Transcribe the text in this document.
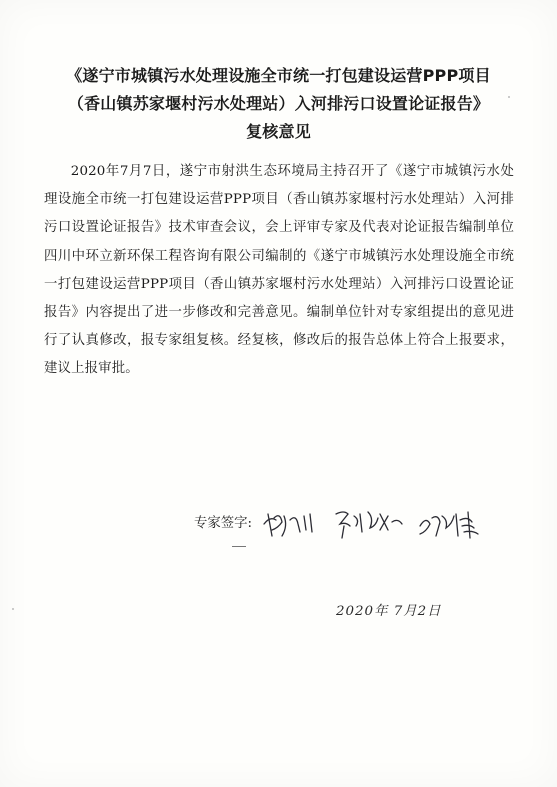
《遂宁市城镇污水处理设施全市统一打包建设运营PPP项目
（香山镇苏家堰村污水处理站）入河排污口设置论证报告》
复核意见

2020年7月7日，遂宁市射洪生态环境局主持召开了《遂宁市城镇污水处理设施全市统一打包建设运营PPP项目（香山镇苏家堰村污水处理站）入河排污口设置论证报告》技术审查会议，会上评审专家及代表对论证报告编制单位四川中环立新环保工程咨询有限公司编制的《遂宁市城镇污水处理设施全市统一打包建设运营PPP项目（香山镇苏家堰村污水处理站）入河排污口设置论证报告》内容提出了进一步修改和完善意见。编制单位针对专家组提出的意见进行了认真修改，报专家组复核。经复核，修改后的报告总体上符合上报要求，建议上报审批。

专家签字:
2020年 7月2日
